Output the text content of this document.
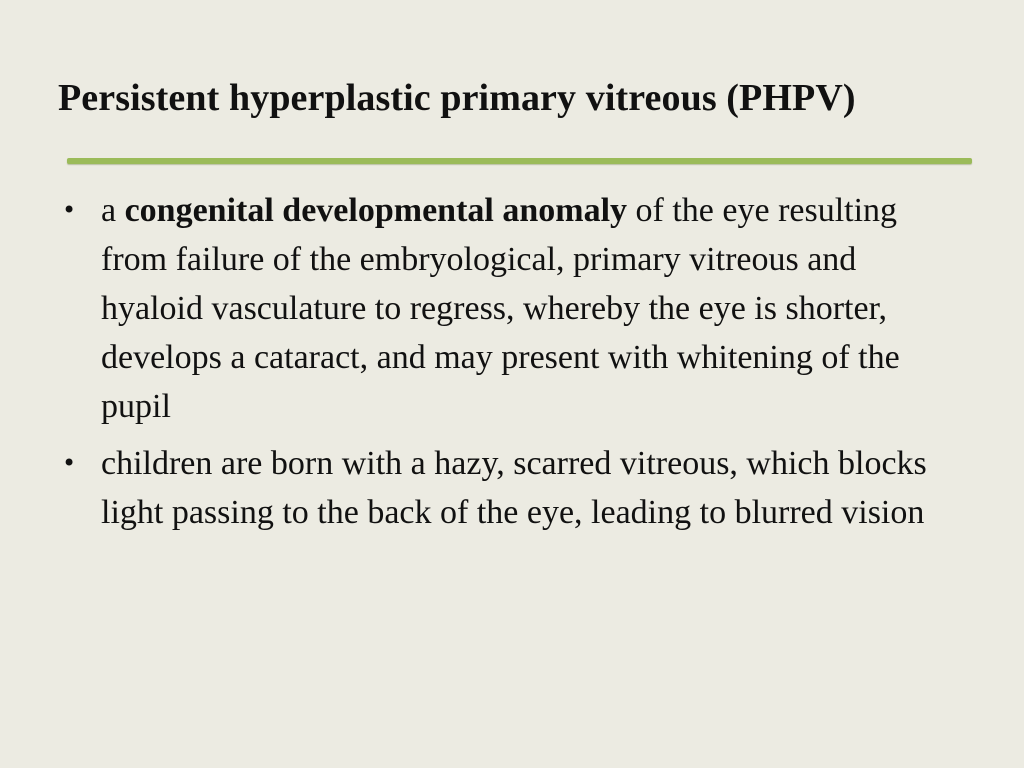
Persistent hyperplastic primary vitreous (PHPV)
• a congenital developmental anomaly of the eye resulting from failure of the embryological, primary vitreous and hyaloid vasculature to regress, whereby the eye is shorter, develops a cataract, and may present with whitening of the pupil
• children are born with a hazy, scarred vitreous, which blocks light passing to the back of the eye, leading to blurred vision
